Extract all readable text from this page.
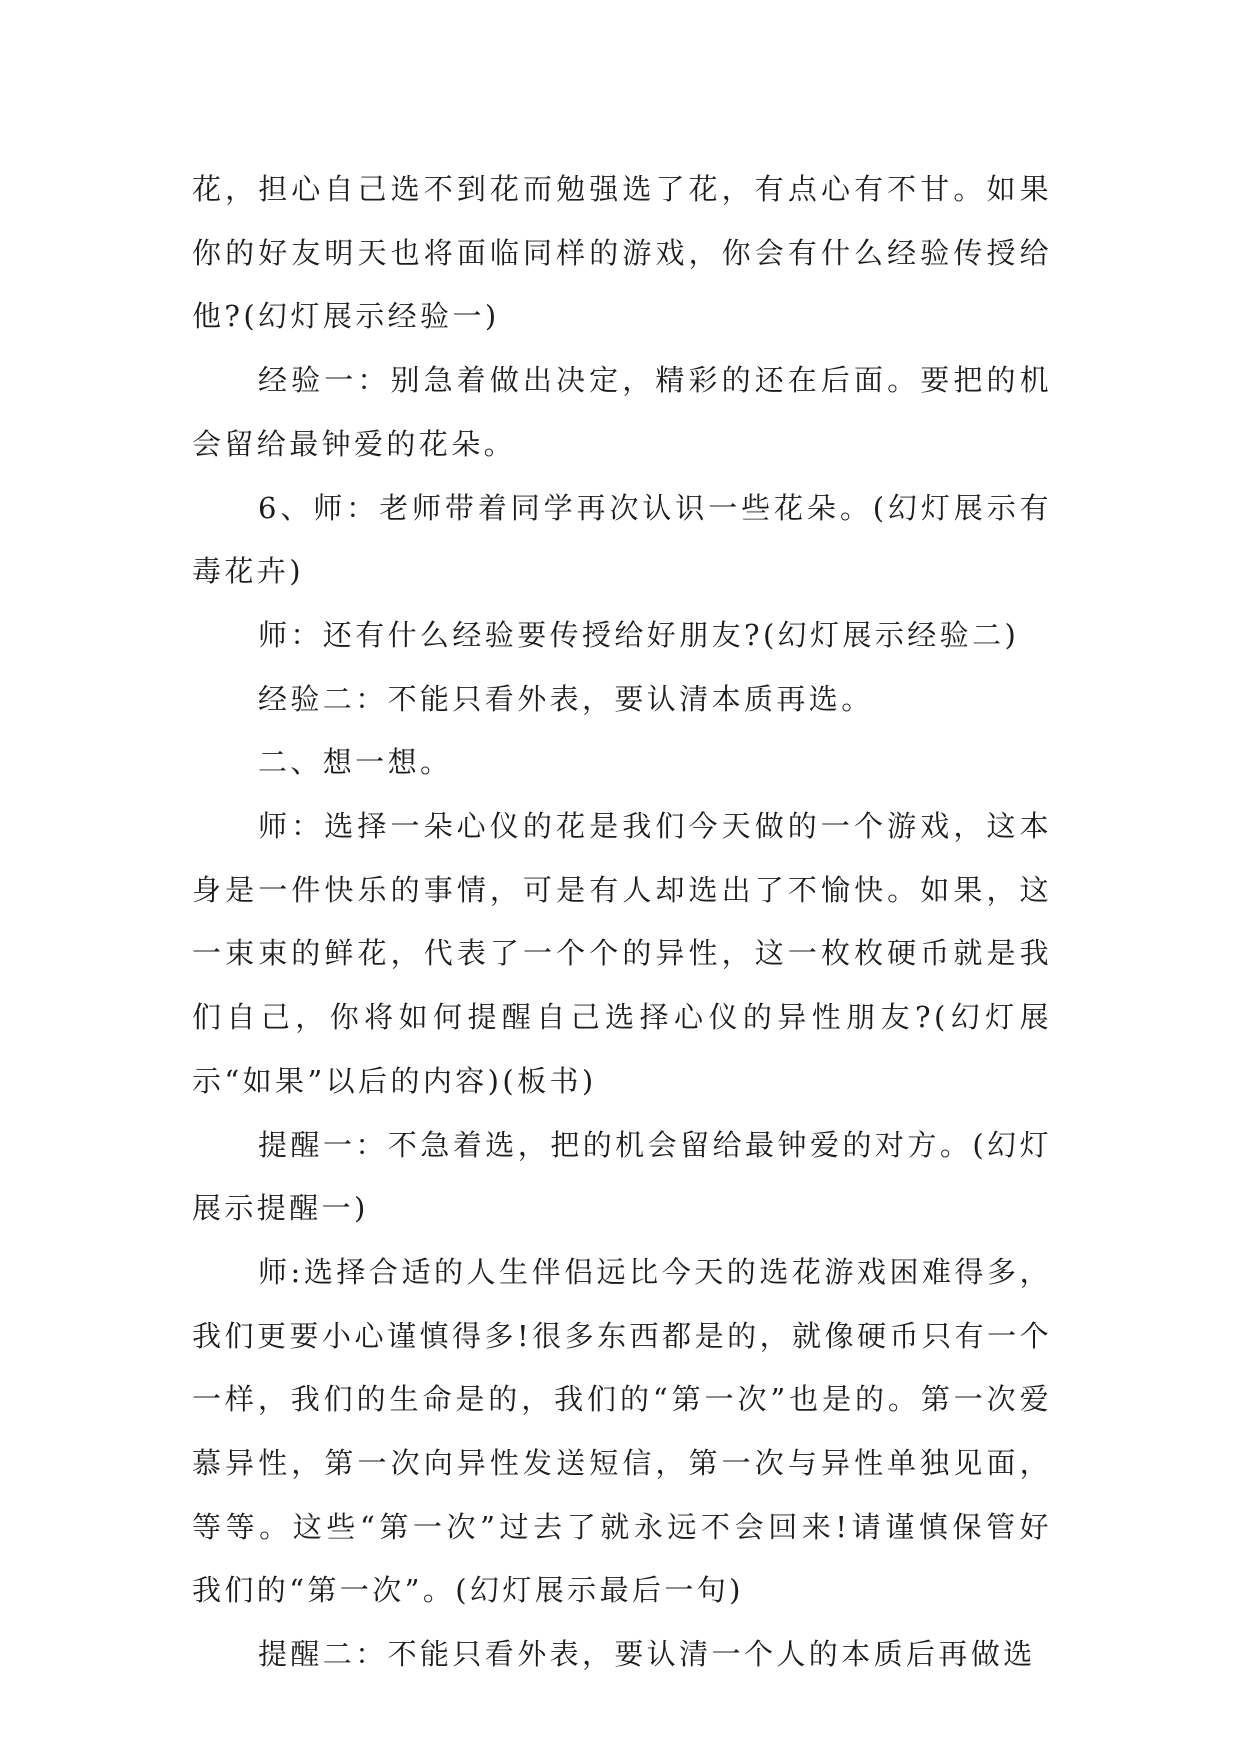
花，担心自己选不到花而勉强选了花，有点心有不甘。如果你的好友明天也将面临同样的游戏，你会有什么经验传授给他?(幻灯展示经验一)

经验一：别急着做出决定，精彩的还在后面。要把的机会留给最钟爱的花朵。

6、师：老师带着同学再次认识一些花朵。(幻灯展示有毒花卉)

师：还有什么经验要传授给好朋友?(幻灯展示经验二)

经验二：不能只看外表，要认清本质再选。

二、想一想。

师：选择一朵心仪的花是我们今天做的一个游戏，这本身是一件快乐的事情，可是有人却选出了不愉快。如果，这一束束的鲜花，代表了一个个的异性，这一枚枚硬币就是我们自己，你将如何提醒自己选择心仪的异性朋友?(幻灯展示“如果”以后的内容)(板书)

提醒一：不急着选，把的机会留给最钟爱的对方。(幻灯展示提醒一)

师:选择合适的人生伴侣远比今天的选花游戏困难得多，我们更要小心谨慎得多!很多东西都是的，就像硬币只有一个一样，我们的生命是的，我们的“第一次”也是的。第一次爱慕异性，第一次向异性发送短信，第一次与异性单独见面，等等。这些“第一次”过去了就永远不会回来!请谨慎保管好我们的“第一次”。(幻灯展示最后一句)

提醒二：不能只看外表，要认清一个人的本质后再做选
